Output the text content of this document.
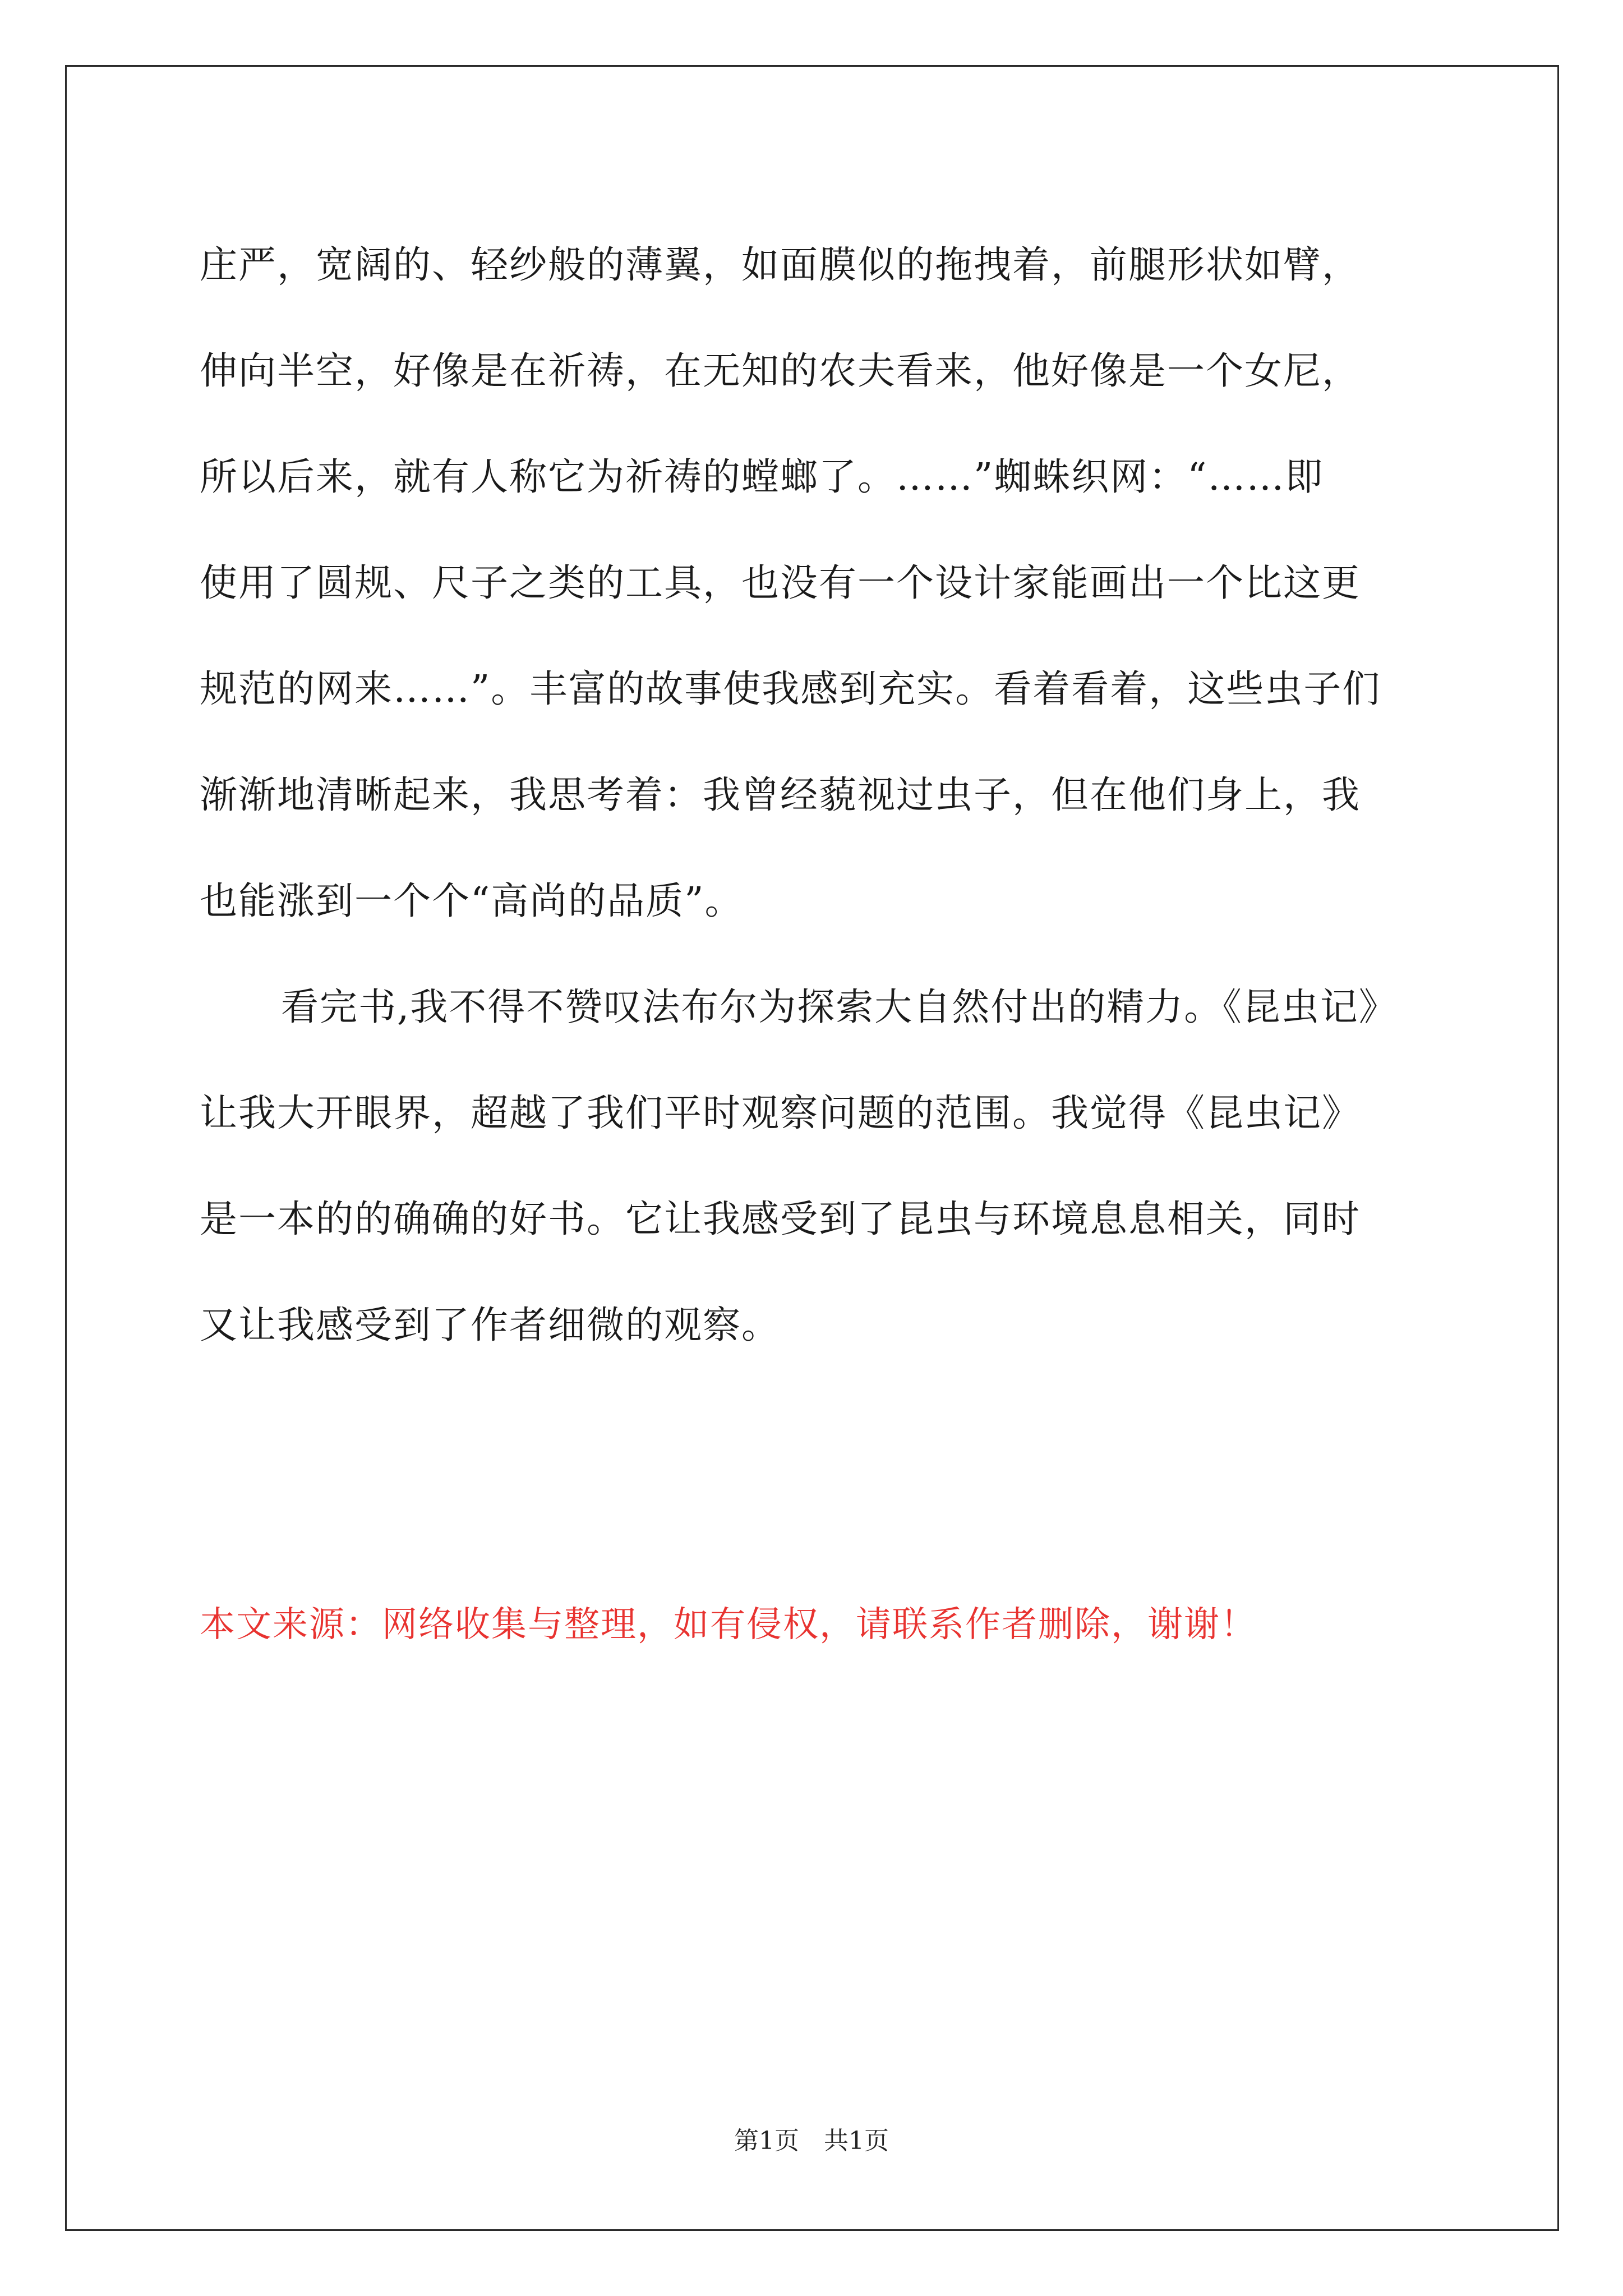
庄严，宽阔的、轻纱般的薄翼，如面膜似的拖拽着，前腿形状如臂，
伸向半空，好像是在祈祷，在无知的农夫看来，他好像是一个女尼，
所以后来，就有人称它为祈祷的螳螂了。……”蜘蛛织网：“……即
使用了圆规、尺子之类的工具，也没有一个设计家能画出一个比这更
规范的网来……”。丰富的故事使我感到充实。看着看着，这些虫子们
渐渐地清晰起来，我思考着：我曾经藐视过虫子，但在他们身上，我
也能涨到一个个“高尚的品质”。
看完书,我不得不赞叹法布尔为探索大自然付出的精力。《昆虫记》
让我大开眼界，超越了我们平时观察问题的范围。我觉得《昆虫记》
是一本的的确确的好书。它让我感受到了昆虫与环境息息相关，同时
又让我感受到了作者细微的观察。
本文来源：网络收集与整理，如有侵权，请联系作者删除，谢谢！
第1页　共1页
